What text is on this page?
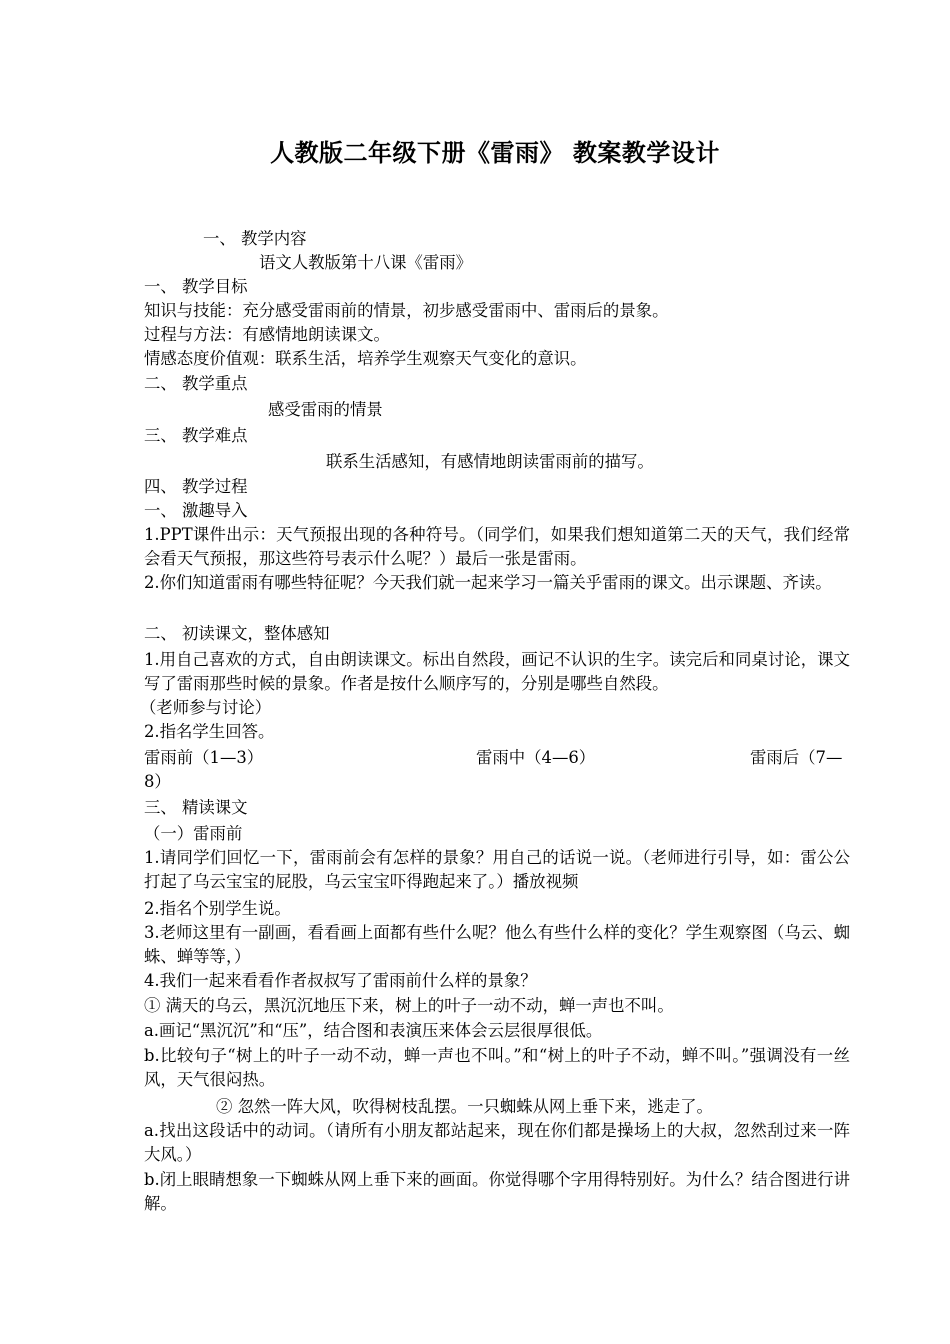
人教版二年级下册《雷雨》 教案教学设计
一、 教学内容
语文人教版第十八课《雷雨》
一、 教学目标
知识与技能：充分感受雷雨前的情景，初步感受雷雨中、雷雨后的景象。
过程与方法：有感情地朗读课文。
情感态度价值观：联系生活，培养学生观察天气变化的意识。
二、 教学重点
感受雷雨的情景
三、 教学难点
联系生活感知，有感情地朗读雷雨前的描写。
四、 教学过程
一、 激趣导入
1.PPT课件出示：天气预报出现的各种符号。（同学们，如果我们想知道第二天的天气，我们经常会看天气预报，那这些符号表示什么呢？）最后一张是雷雨。
2.你们知道雷雨有哪些特征呢？今天我们就一起来学习一篇关乎雷雨的课文。出示课题、齐读。
二、 初读课文，整体感知
1.用自己喜欢的方式，自由朗读课文。标出自然段，画记不认识的生字。读完后和同桌讨论，课文写了雷雨那些时候的景象。作者是按什么顺序写的，分别是哪些自然段。
（老师参与讨论）
2.指名学生回答。
雷雨前（1—3）	雷雨中（4—6）	雷雨后（7—
8）
三、 精读课文
（一）雷雨前
1.请同学们回忆一下，雷雨前会有怎样的景象？用自己的话说一说。（老师进行引导，如：雷公公打起了乌云宝宝的屁股，乌云宝宝吓得跑起来了。）播放视频
2.指名个别学生说。
3.老师这里有一副画，看看画上面都有些什么呢？他么有些什么样的变化？学生观察图（乌云、蜘蛛、蝉等等，）
4.我们一起来看看作者叔叔写了雷雨前什么样的景象？
① 满天的乌云，黑沉沉地压下来，树上的叶子一动不动，蝉一声也不叫。
a.画记“黑沉沉”和“压”，结合图和表演压来体会云层很厚很低。
b.比较句子“树上的叶子一动不动，蝉一声也不叫。”和“树上的叶子不动，蝉不叫。”强调没有一丝风，天气很闷热。
② 忽然一阵大风，吹得树枝乱摆。一只蜘蛛从网上垂下来，逃走了。
a.找出这段话中的动词。（请所有小朋友都站起来，现在你们都是操场上的大叔，忽然刮过来一阵大风。）
b.闭上眼睛想象一下蜘蛛从网上垂下来的画面。你觉得哪个字用得特别好。为什么？结合图进行讲解。
